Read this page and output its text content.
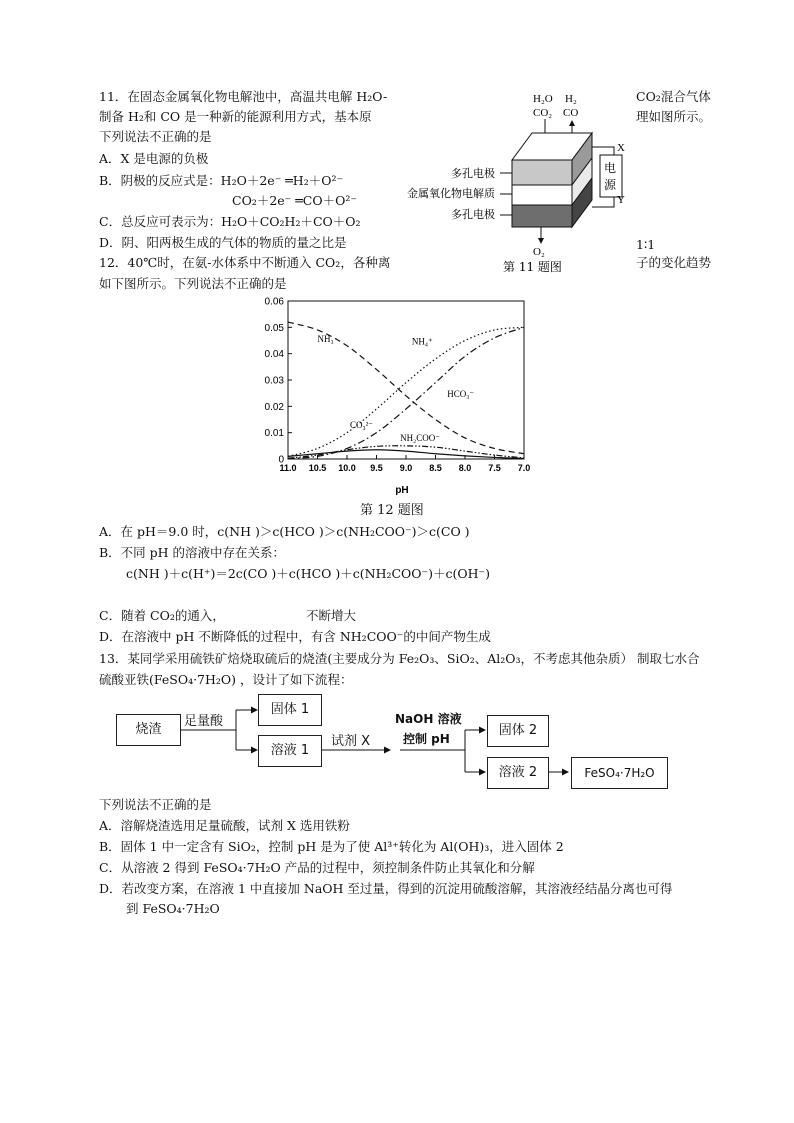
11．在固态金属氧化物电解池中，高温共电解 H₂O-	CO₂混合气体
制备 H₂和 CO 是一种新的能源利用方式，基本原	理如图所示。
下列说法不正确的是
A．X 是电源的负极
B．阴极的反应式是：H₂O＋2e⁻ ═H₂＋O²⁻
CO₂＋2e⁻ ═CO＋O²⁻
C．总反应可表示为：H₂O＋CO₂H₂＋CO＋O₂
D．阴、阳两极生成的气体的物质的量之比是	1∶1
H₂O
CO₂
H₂
CO
电
源
X
Y
多孔电极
金属氧化物电解质
多孔电极
O₂
第 11 题图
12．40℃时，在氨-水体系中不断通入 CO₂，各种离	子的变化趋势
如下图所示。下列说法不正确的是
0
0.01
0.02
0.03
0.04
0.05
0.06
11.0 10.5 10.0 9.5 9.0 8.5 8.0 7.5 7.0
NH₃	NH₄⁺
HCO₃⁻
CO₃²⁻
NH₂COO⁻
pH
第 12 题图
A．在 pH＝9.0 时，c(NH )＞c(HCO )＞c(NH₂COO⁻)＞c(CO )
B．不同 pH 的溶液中存在关系：
c(NH )＋c(H⁺)＝2c(CO )＋c(HCO )＋c(NH₂COO⁻)＋c(OH⁻)
C．随着 CO₂的通入，	不断增大
D．在溶液中 pH 不断降低的过程中，有含 NH₂COO⁻的中间产物生成
13．某同学采用硫铁矿焙烧取硫后的烧渣(主要成分为 Fe₂O₃、SiO₂、Al₂O₃，不考虑其他杂质） 制取七水合
硫酸亚铁(FeSO₄·7H₂O) ，设计了如下流程：
烧渣
足量酸
固体 1
溶液 1
试剂 X
NaOH 溶液
控制 pH
固体 2
溶液 2	FeSO₄·7H₂O
下列说法不正确的是
A．溶解烧渣选用足量硫酸，试剂 X 选用铁粉
B．固体 1 中一定含有 SiO₂，控制 pH 是为了使 Al³⁺转化为 Al(OH)₃，进入固体 2
C．从溶液 2 得到 FeSO₄·7H₂O 产品的过程中，须控制条件防止其氧化和分解
D．若改变方案，在溶液 1 中直接加 NaOH 至过量，得到的沉淀用硫酸溶解，其溶液经结晶分离也可得
到 FeSO₄·7H₂O
